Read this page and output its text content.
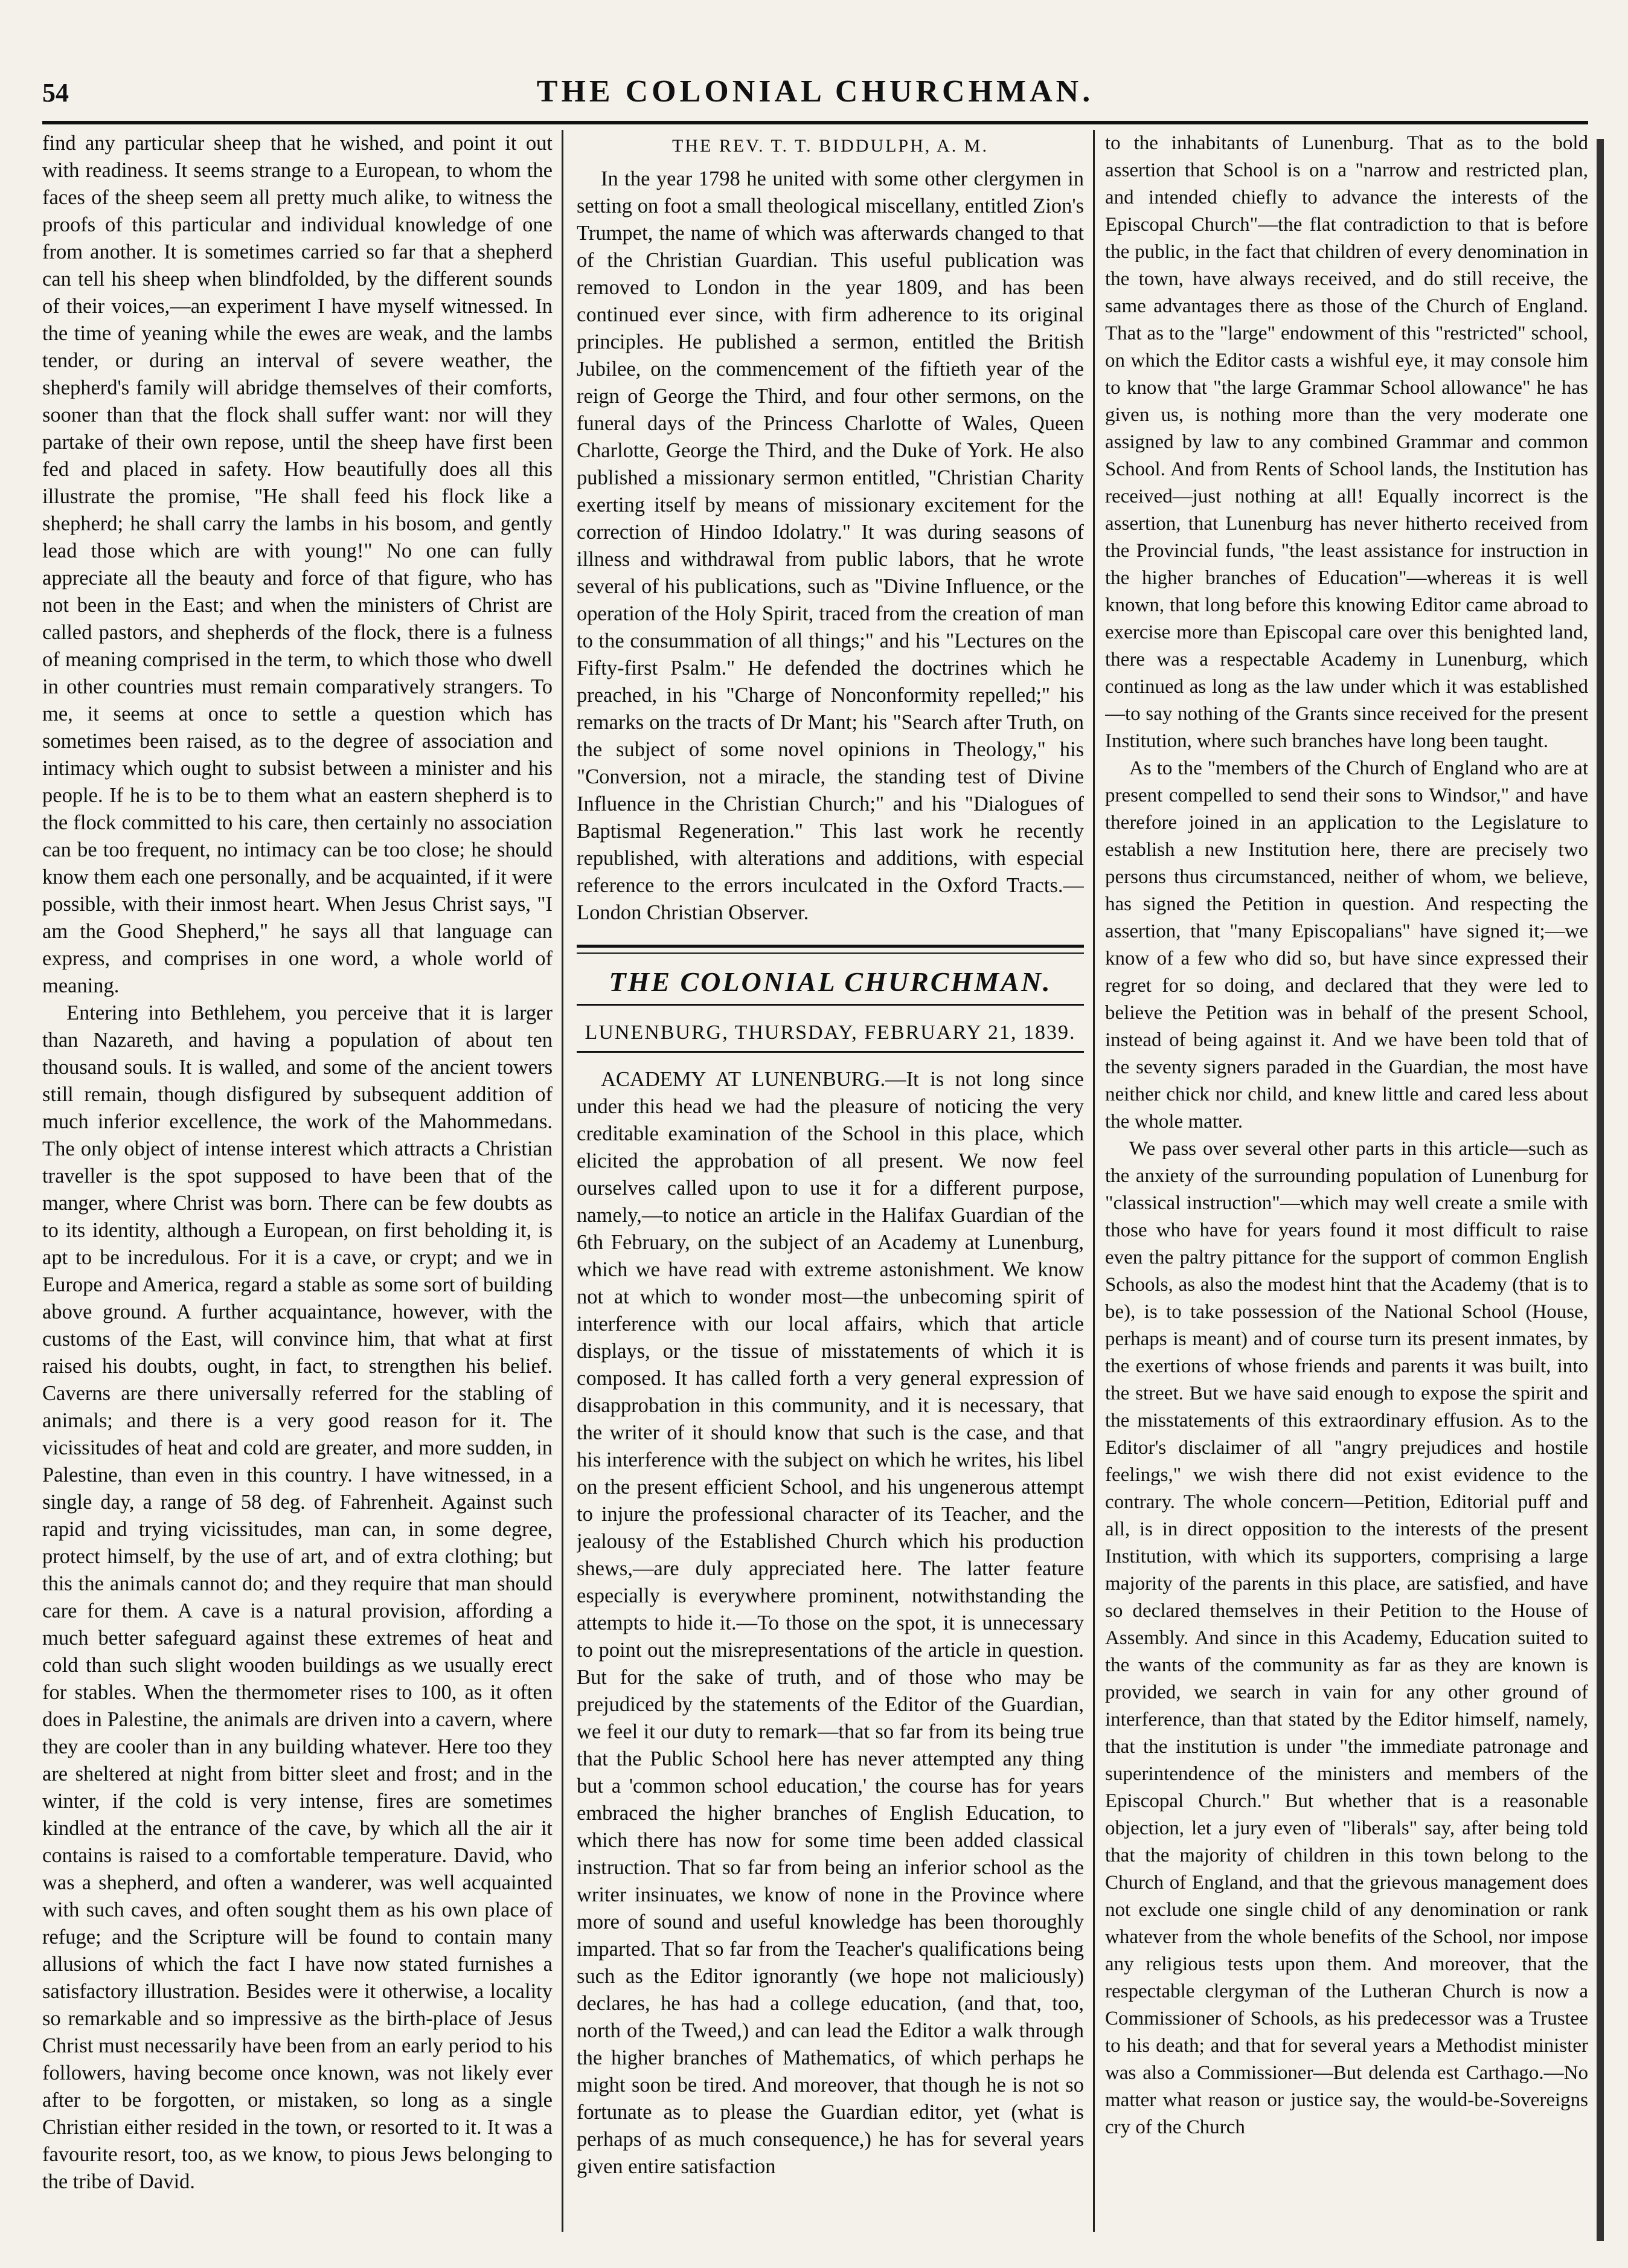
54	THE COLONIAL CHURCHMAN.

find any particular sheep that he wished, and point it out with readiness. It seems strange to a European, to whom the faces of the sheep seem all pretty much alike, to witness the proofs of this particular and individual knowledge of one from another. It is sometimes carried so far that a shepherd can tell his sheep when blindfolded, by the different sounds of their voices,—an experiment I have myself witnessed. In the time of yeaning while the ewes are weak, and the lambs tender, or during an interval of severe weather, the shepherd's family will abridge themselves of their comforts, sooner than that the flock shall suffer want: nor will they partake of their own repose, until the sheep have first been fed and placed in safety. How beautifully does all this illustrate the promise, "He shall feed his flock like a shepherd; he shall carry the lambs in his bosom, and gently lead those which are with young!" No one can fully appreciate all the beauty and force of that figure, who has not been in the East; and when the ministers of Christ are called pastors, and shepherds of the flock, there is a fulness of meaning comprised in the term, to which those who dwell in other countries must remain comparatively strangers. To me, it seems at once to settle a question which has sometimes been raised, as to the degree of association and intimacy which ought to subsist between a minister and his people. If he is to be to them what an eastern shepherd is to the flock committed to his care, then certainly no association can be too frequent, no intimacy can be too close; he should know them each one personally, and be acquainted, if it were possible, with their inmost heart. When Jesus Christ says, "I am the Good Shepherd," he says all that language can express, and comprises in one word, a whole world of meaning.

Entering into Bethlehem, you perceive that it is larger than Nazareth, and having a population of about ten thousand souls. It is walled, and some of the ancient towers still remain, though disfigured by subsequent addition of much inferior excellence, the work of the Mahommedans. The only object of intense interest which attracts a Christian traveller is the spot supposed to have been that of the manger, where Christ was born. There can be few doubts as to its identity, although a European, on first beholding it, is apt to be incredulous. For it is a cave, or crypt; and we in Europe and America, regard a stable as some sort of building above ground. A further acquaintance, however, with the customs of the East, will convince him, that what at first raised his doubts, ought, in fact, to strengthen his belief. Caverns are there universally referred for the stabling of animals; and there is a very good reason for it. The vicissitudes of heat and cold are greater, and more sudden, in Palestine, than even in this country. I have witnessed, in a single day, a range of 58 deg. of Fahrenheit. Against such rapid and trying vicissitudes, man can, in some degree, protect himself, by the use of art, and of extra clothing; but this the animals cannot do; and they require that man should care for them. A cave is a natural provision, affording a much better safeguard against these extremes of heat and cold than such slight wooden buildings as we usually erect for stables. When the thermometer rises to 100, as it often does in Palestine, the animals are driven into a cavern, where they are cooler than in any building whatever. Here too they are sheltered at night from bitter sleet and frost; and in the winter, if the cold is very intense, fires are sometimes kindled at the entrance of the cave, by which all the air it contains is raised to a comfortable temperature. David, who was a shepherd, and often a wanderer, was well acquainted with such caves, and often sought them as his own place of refuge; and the Scripture will be found to contain many allusions of which the fact I have now stated furnishes a satisfactory illustration. Besides were it otherwise, a locality so remarkable and so impressive as the birth-place of Jesus Christ must necessarily have been from an early period to his followers, having become once known, was not likely ever after to be forgotten, or mistaken, so long as a single Christian either resided in the town, or resorted to it. It was a favourite resort, too, as we know, to pious Jews belonging to the tribe of David.

THE REV. T. T. BIDDULPH, A. M.

In the year 1798 he united with some other clergymen in setting on foot a small theological miscellany, entitled Zion's Trumpet, the name of which was afterwards changed to that of the Christian Guardian. This useful publication was removed to London in the year 1809, and has been continued ever since, with firm adherence to its original principles. He published a sermon, entitled the British Jubilee, on the commencement of the fiftieth year of the reign of George the Third, and four other sermons, on the funeral days of the Princess Charlotte of Wales, Queen Charlotte, George the Third, and the Duke of York. He also published a missionary sermon entitled, "Christian Charity exerting itself by means of missionary excitement for the correction of Hindoo Idolatry." It was during seasons of illness and withdrawal from public labors, that he wrote several of his publications, such as "Divine Influence, or the operation of the Holy Spirit, traced from the creation of man to the consummation of all things;" and his "Lectures on the Fifty-first Psalm." He defended the doctrines which he preached, in his "Charge of Nonconformity repelled;" his remarks on the tracts of Dr Mant; his "Search after Truth, on the subject of some novel opinions in Theology," his "Conversion, not a miracle, the standing test of Divine Influence in the Christian Church;" and his "Dialogues of Baptismal Regeneration." This last work he recently republished, with alterations and additions, with especial reference to the errors inculcated in the Oxford Tracts.—London Christian Observer.

THE COLONIAL CHURCHMAN.
LUNENBURG, THURSDAY, FEBRUARY 21, 1839.

ACADEMY AT LUNENBURG.—It is not long since under this head we had the pleasure of noticing the very creditable examination of the School in this place, which elicited the approbation of all present. We now feel ourselves called upon to use it for a different purpose, namely,—to notice an article in the Halifax Guardian of the 6th February, on the subject of an Academy at Lunenburg, which we have read with extreme astonishment. We know not at which to wonder most—the unbecoming spirit of interference with our local affairs, which that article displays, or the tissue of misstatements of which it is composed. It has called forth a very general expression of disapprobation in this community, and it is necessary, that the writer of it should know that such is the case, and that his interference with the subject on which he writes, his libel on the present efficient School, and his ungenerous attempt to injure the professional character of its Teacher, and the jealousy of the Established Church which his production shews,—are duly appreciated here. The latter feature especially is everywhere prominent, notwithstanding the attempts to hide it.—To those on the spot, it is unnecessary to point out the misrepresentations of the article in question. But for the sake of truth, and of those who may be prejudiced by the statements of the Editor of the Guardian, we feel it our duty to remark—that so far from its being true that the Public School here has never attempted any thing but a 'common school education,' the course has for years embraced the higher branches of English Education, to which there has now for some time been added classical instruction. That so far from being an inferior school as the writer insinuates, we know of none in the Province where more of sound and useful knowledge has been thoroughly imparted. That so far from the Teacher's qualifications being such as the Editor ignorantly (we hope not maliciously) declares, he has had a college education, (and that, too, north of the Tweed,) and can lead the Editor a walk through the higher branches of Mathematics, of which perhaps he might soon be tired. And moreover, that though he is not so fortunate as to please the Guardian editor, yet (what is perhaps of as much consequence,) he has for several years given entire satisfaction

to the inhabitants of Lunenburg. That as to the bold assertion that School is on a "narrow and restricted plan, and intended chiefly to advance the interests of the Episcopal Church"—the flat contradiction to that is before the public, in the fact that children of every denomination in the town, have always received, and do still receive, the same advantages there as those of the Church of England. That as to the "large" endowment of this "restricted" school, on which the Editor casts a wishful eye, it may console him to know that "the large Grammar School allowance" he has given us, is nothing more than the very moderate one assigned by law to any combined Grammar and common School. And from Rents of School lands, the Institution has received—just nothing at all! Equally incorrect is the assertion, that Lunenburg has never hitherto received from the Provincial funds, "the least assistance for instruction in the higher branches of Education"—whereas it is well known, that long before this knowing Editor came abroad to exercise more than Episcopal care over this benighted land, there was a respectable Academy in Lunenburg, which continued as long as the law under which it was established—to say nothing of the Grants since received for the present Institution, where such branches have long been taught.

As to the "members of the Church of England who are at present compelled to send their sons to Windsor," and have therefore joined in an application to the Legislature to establish a new Institution here, there are precisely two persons thus circumstanced, neither of whom, we believe, has signed the Petition in question. And respecting the assertion, that "many Episcopalians" have signed it;—we know of a few who did so, but have since expressed their regret for so doing, and declared that they were led to believe the Petition was in behalf of the present School, instead of being against it. And we have been told that of the seventy signers paraded in the Guardian, the most have neither chick nor child, and knew little and cared less about the whole matter.

We pass over several other parts in this article—such as the anxiety of the surrounding population of Lunenburg for "classical instruction"—which may well create a smile with those who have for years found it most difficult to raise even the paltry pittance for the support of common English Schools, as also the modest hint that the Academy (that is to be), is to take possession of the National School (House, perhaps is meant) and of course turn its present inmates, by the exertions of whose friends and parents it was built, into the street. But we have said enough to expose the spirit and the misstatements of this extraordinary effusion. As to the Editor's disclaimer of all "angry prejudices and hostile feelings," we wish there did not exist evidence to the contrary. The whole concern—Petition, Editorial puff and all, is in direct opposition to the interests of the present Institution, with which its supporters, comprising a large majority of the parents in this place, are satisfied, and have so declared themselves in their Petition to the House of Assembly. And since in this Academy, Education suited to the wants of the community as far as they are known is provided, we search in vain for any other ground of interference, than that stated by the Editor himself, namely, that the institution is under "the immediate patronage and superintendence of the ministers and members of the Episcopal Church." But whether that is a reasonable objection, let a jury even of "liberals" say, after being told that the majority of children in this town belong to the Church of England, and that the grievous management does not exclude one single child of any denomination or rank whatever from the whole benefits of the School, nor impose any religious tests upon them. And moreover, that the respectable clergyman of the Lutheran Church is now a Commissioner of Schools, as his predecessor was a Trustee to his death; and that for several years a Methodist minister was also a Commissioner—But delenda est Carthago.—No matter what reason or justice say, the would-be-Sovereigns cry of the Church
